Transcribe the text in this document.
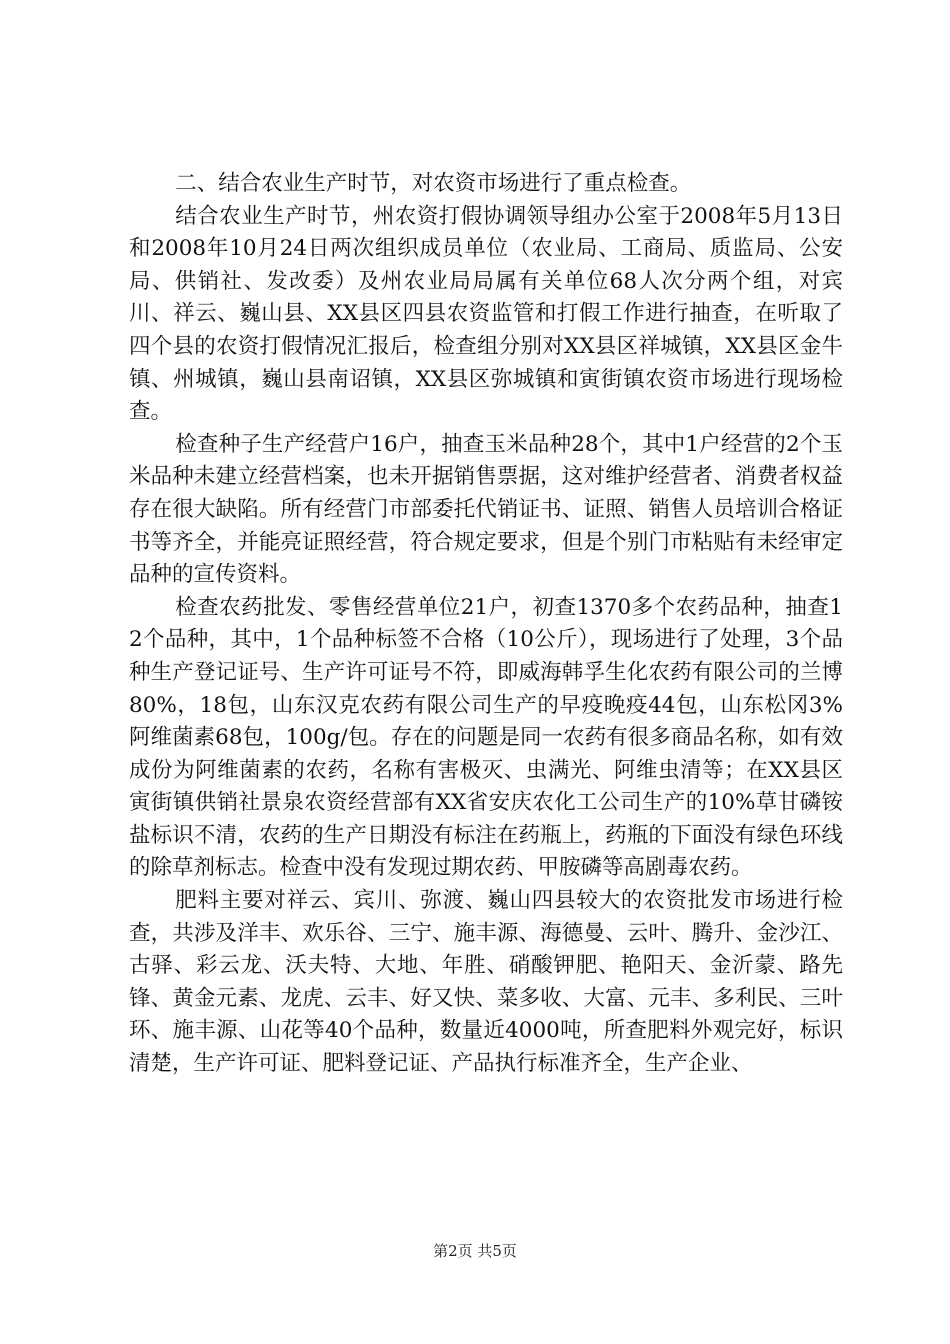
二、结合农业生产时节，对农资市场进行了重点检查。

结合农业生产时节，州农资打假协调领导组办公室于2008年5月13日和2008年10月24日两次组织成员单位（农业局、工商局、质监局、公安局、供销社、发改委）及州农业局局属有关单位68人次分两个组，对宾川、祥云、巍山县、XX县区四县农资监管和打假工作进行抽查，在听取了四个县的农资打假情况汇报后，检查组分别对XX县区祥城镇，XX县区金牛镇、州城镇，巍山县南诏镇，XX县区弥城镇和寅街镇农资市场进行现场检查。

检查种子生产经营户16户，抽查玉米品种28个，其中1户经营的2个玉米品种未建立经营档案，也未开据销售票据，这对维护经营者、消费者权益存在很大缺陷。所有经营门市部委托代销证书、证照、销售人员培训合格证书等齐全，并能亮证照经营，符合规定要求，但是个别门市粘贴有未经审定品种的宣传资料。

检查农药批发、零售经营单位21户，初查1370多个农药品种，抽查12个品种，其中，1个品种标签不合格（10公斤），现场进行了处理，3个品种生产登记证号、生产许可证号不符，即威海韩孚生化农药有限公司的兰博80%，18包，山东汉克农药有限公司生产的早疫晚疫44包，山东松冈3%阿维菌素68包，100g/包。存在的问题是同一农药有很多商品名称，如有效成份为阿维菌素的农药，名称有害极灭、虫满光、阿维虫清等；在XX县区寅街镇供销社景泉农资经营部有XX省安庆农化工公司生产的10%草甘磷铵盐标识不清，农药的生产日期没有标注在药瓶上，药瓶的下面没有绿色环线的除草剂标志。检查中没有发现过期农药、甲胺磷等高剧毒农药。

肥料主要对祥云、宾川、弥渡、巍山四县较大的农资批发市场进行检查，共涉及洋丰、欢乐谷、三宁、施丰源、海德曼、云叶、腾升、金沙江、古驿、彩云龙、沃夫特、大地、年胜、硝酸钾肥、艳阳天、金沂蒙、路先锋、黄金元素、龙虎、云丰、好又快、菜多收、大富、元丰、多利民、三叶环、施丰源、山花等40个品种，数量近4000吨，所查肥料外观完好，标识清楚，生产许可证、肥料登记证、产品执行标准齐全，生产企业、

第2页 共5页
